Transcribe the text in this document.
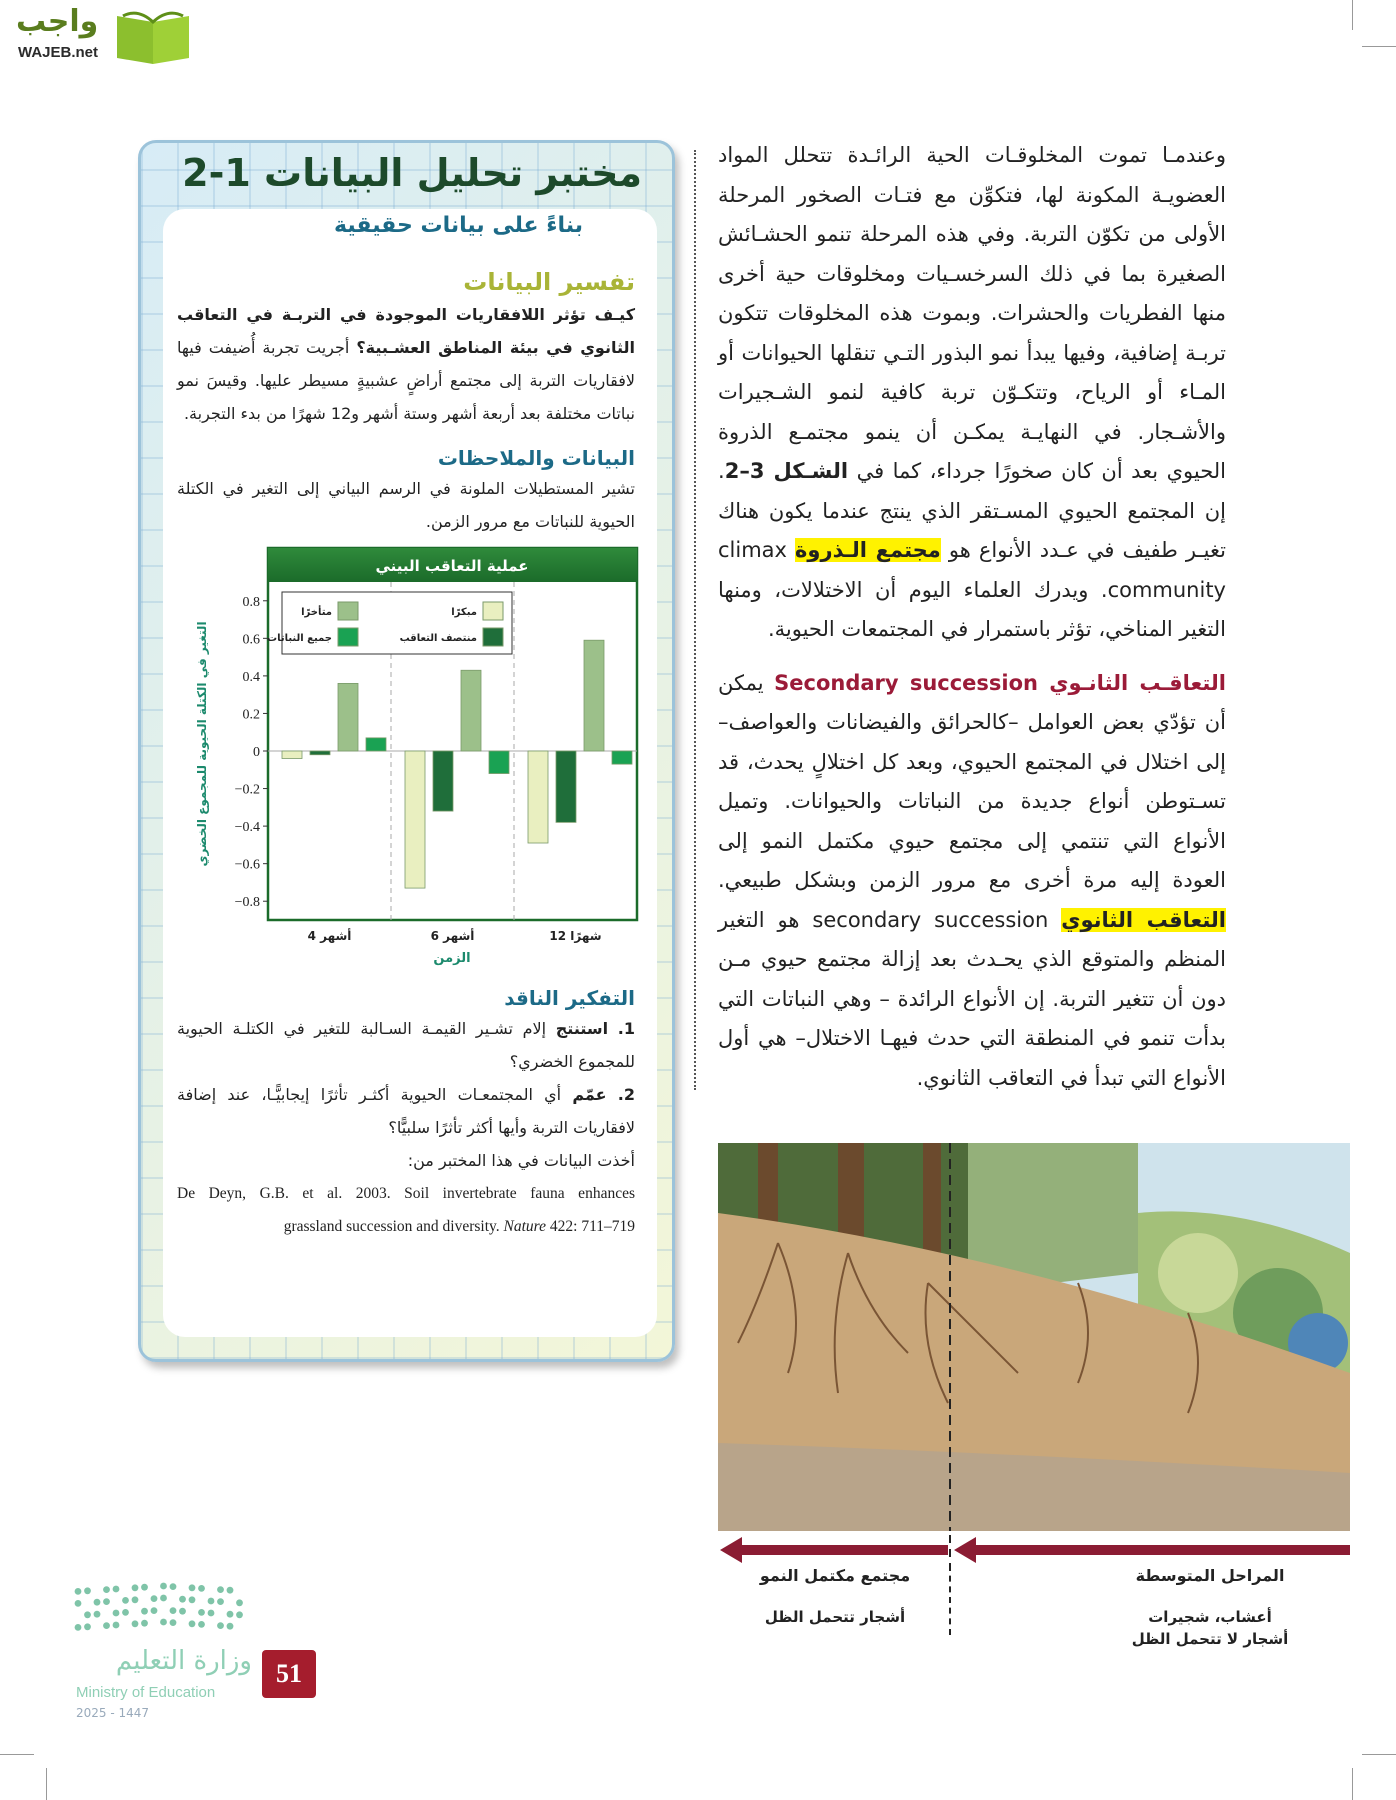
واجب
WAJEB.net
مختبر تحليل البيانات 1-2
بناءً على بيانات حقيقية
تفسير البيانات
كيـف تؤثر اللافقاريات الموجودة في التربـة في التعاقب الثانوي في بيئة المناطق العشـبية؟ أجريت تجربة أُضيفت فيها لافقاريات التربة إلى مجتمع أراضٍ عشبيةٍ مسيطر عليها. وقيسَ نمو نباتات مختلفة بعد أربعة أشهر وستة أشهر و12 شهرًا من بدء التجربة.
البيانات والملاحظات
تشير المستطيلات الملونة في الرسم البياني إلى التغير في الكتلة الحيوية للنباتات مع مرور الزمن.
عملية التعاقب البيني
0.8
0.6
0.4
0.2
0
−0.2
−0.4
−0.6
−0.8
4 أشهر	6 أشهر	12 شهرًا
مبكرًا
متأخرًا
منتصف التعاقب
جميع النباتات
الزمن
التغير في الكتلة الحيوية للمجموع الخضري
التفكير الناقد
1. استنتج إلام تشـير القيمـة السـالبة للتغير في الكتلـة الحيوية للمجموع الخضري؟
2. عمّم أي المجتمعـات الحيوية أكثـر تأثرًا إيجابيًّـا، عند إضافة لافقاريات التربة وأيها أكثر تأثرًا سلبيًّا؟
أخذت البيانات في هذا المختبر من:
De Deyn, G.B. et al. 2003. Soil invertebrate fauna enhances
grassland succession and diversity. Nature 422: 711–719

وعندمـا تموت المخلوقـات الحية الرائـدة تتحلل المواد العضويـة المكونة لها، فتكوِّن مع فتـات الصخور المرحلة الأولى من تكوّن التربة. وفي هذه المرحلة تنمو الحشـائش الصغيرة بما في ذلك السرخسـيات ومخلوقات حية أخرى منها الفطريات والحشرات. وبموت هذه المخلوقات تتكون تربـة إضافية، وفيها يبدأ نمو البذور التـي تنقلها الحيوانات أو المـاء أو الرياح، وتتكـوّن تربة كافية لنمو الشـجيرات والأشـجار. في النهايـة يمكـن أن ينمو مجتمـع الذروة الحيوي بعد أن كان صخورًا جرداء، كما في الشـكل 3–2. إن المجتمع الحيوي المسـتقر الذي ينتج عندما يكون هناك تغيـر طفيف في عـدد الأنواع هو مجتمع الـذروة climax community. ويدرك العلماء اليوم أن الاختلالات، ومنها التغير المناخي، تؤثر باستمرار في المجتمعات الحيوية.

التعاقـب الثانـوي Secondary succession يمكن أن تؤدّي بعض العوامل –كالحرائق والفيضانات والعواصف– إلى اختلال في المجتمع الحيوي، وبعد كل اختلالٍ يحدث، قد تسـتوطن أنواع جديدة من النباتات والحيوانات. وتميل الأنواع التي تنتمي إلى مجتمع حيوي مكتمل النمو إلى العودة إليه مرة أخرى مع مرور الزمن وبشكل طبيعي. التعاقب الثانوي secondary succession هو التغير المنظم والمتوقع الذي يحـدث بعد إزالة مجتمع حيوي مـن دون أن تتغير التربة. إن الأنواع الرائدة – وهي النباتات التي بدأت تنمو في المنطقة التي حدث فيهـا الاختلال– هي أول الأنواع التي تبدأ في التعاقب الثانوي.

مجتمع مكتمل النمو
أشجار تتحمل الظل
المراحل المتوسطة
أعشاب، شجيرات
أشجار لا تتحمل الظل
وزارة التعليم
Ministry of Education
2025 - 1447
51
